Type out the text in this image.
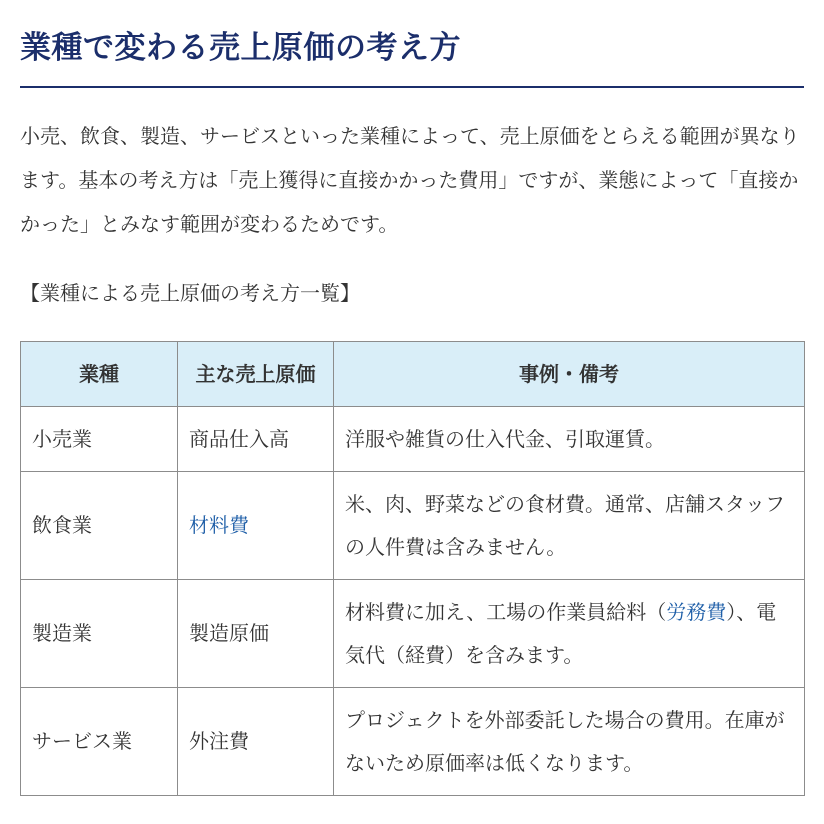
業種で変わる売上原価の考え方

小売、飲食、製造、サービスといった業種によって、売上原価をとらえる範囲が異なります。基本の考え方は「売上獲得に直接かかった費用」ですが、業態によって「直接かかった」とみなす範囲が変わるためです。

【業種による売上原価の考え方一覧】

業種	主な売上原価	事例・備考
小売業	商品仕入高	洋服や雑貨の仕入代金、引取運賃。
飲食業	材料費	米、肉、野菜などの食材費。通常、店舗スタッフの人件費は含みません。
製造業	製造原価	材料費に加え、工場の作業員給料（労務費）、電気代（経費）を含みます。
サービス業	外注費	プロジェクトを外部委託した場合の費用。在庫がないため原価率は低くなります。
